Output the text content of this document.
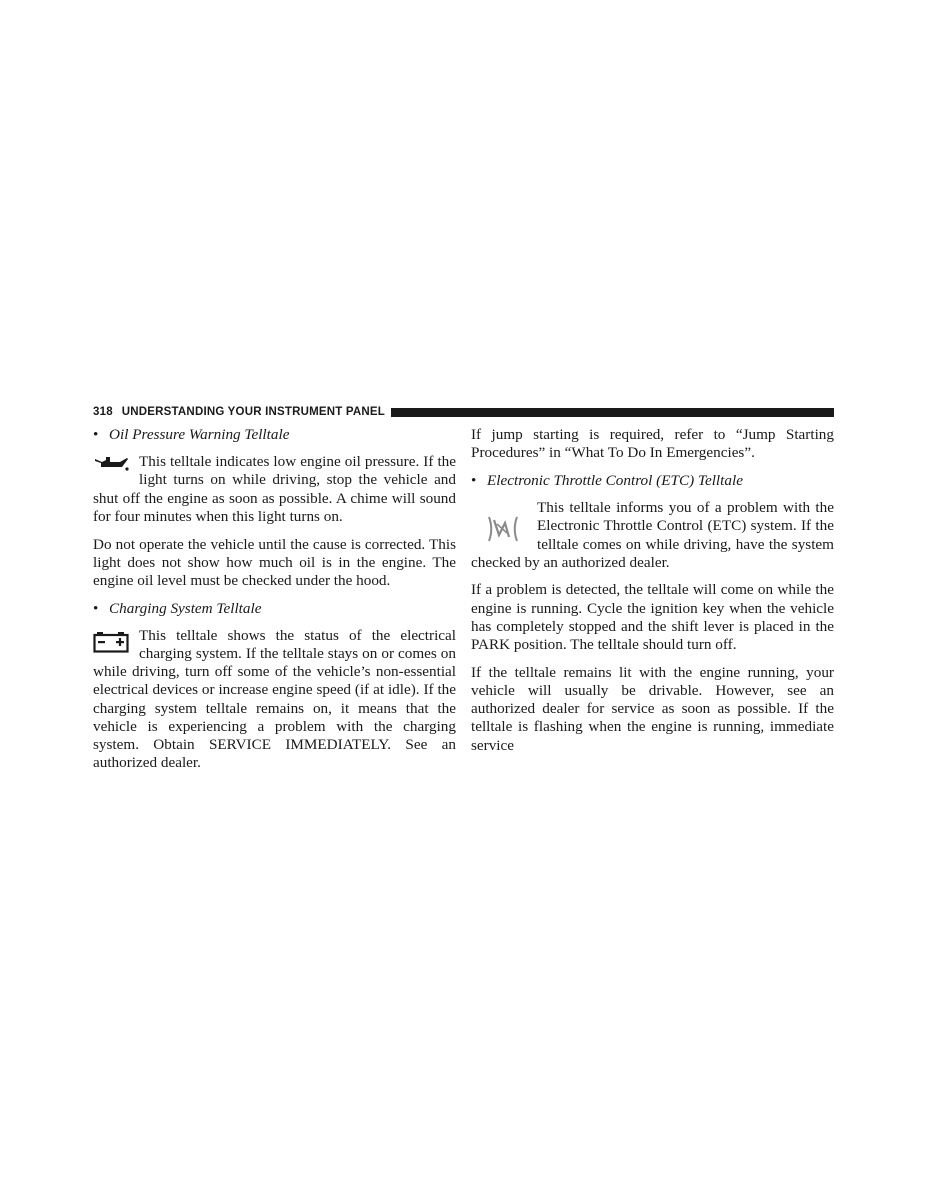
318 UNDERSTANDING YOUR INSTRUMENT PANEL
• Oil Pressure Warning Telltale

This telltale indicates low engine oil pressure. If the light turns on while driving, stop the vehicle and shut off the engine as soon as possible. A chime will sound for four minutes when this light turns on.

Do not operate the vehicle until the cause is corrected. This light does not show how much oil is in the engine. The engine oil level must be checked under the hood.

• Charging System Telltale

This telltale shows the status of the electrical charging system. If the telltale stays on or comes on while driving, turn off some of the vehicle’s non-essential electrical devices or increase engine speed (if at idle). If the charging system telltale remains on, it means that the vehicle is experiencing a problem with the charging system. Obtain SERVICE IMMEDIATELY. See an authorized dealer.

If jump starting is required, refer to “Jump Starting Procedures” in “What To Do In Emergencies”.

• Electronic Throttle Control (ETC) Telltale

This telltale informs you of a problem with the Electronic Throttle Control (ETC) system. If the telltale comes on while driving, have the system checked by an authorized dealer.

If a problem is detected, the telltale will come on while the engine is running. Cycle the ignition key when the vehicle has completely stopped and the shift lever is placed in the PARK position. The telltale should turn off.

If the telltale remains lit with the engine running, your vehicle will usually be drivable. However, see an authorized dealer for service as soon as possible. If the telltale is flashing when the engine is running, immediate service
